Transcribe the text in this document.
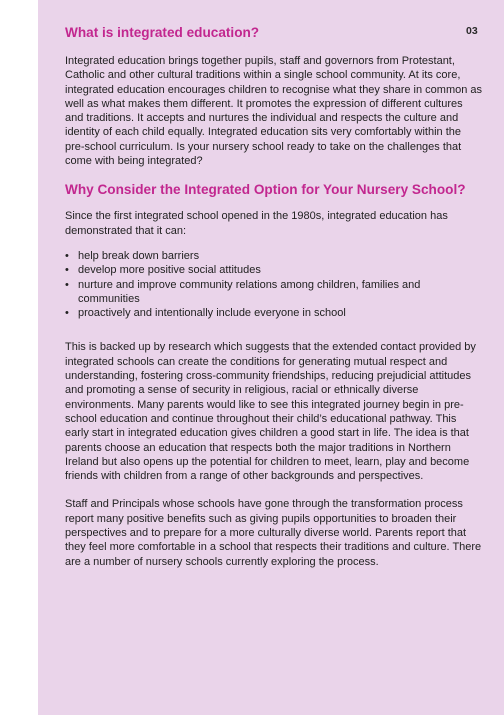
03
What is integrated education?

Integrated education brings together pupils, staff and governors from Protestant, Catholic and other cultural traditions within a single school community. At its core, integrated education encourages children to recognise what they share in common as well as what makes them different. It promotes the expression of different cultures and traditions. It accepts and nurtures the individual and respects the culture and identity of each child equally. Integrated education sits very comfortably within the pre-school curriculum. Is your nursery school ready to take on the challenges that come with being integrated?

Why Consider the Integrated Option for Your Nursery School?

Since the first integrated school opened in the 1980s, integrated education has demonstrated that it can:

• help break down barriers
• develop more positive social attitudes
• nurture and improve community relations among children, families and communities
• proactively and intentionally include everyone in school

This is backed up by research which suggests that the extended contact provided by integrated schools can create the conditions for generating mutual respect and understanding, fostering cross-community friendships, reducing prejudicial attitudes and promoting a sense of security in religious, racial or ethnically diverse environments. Many parents would like to see this integrated journey begin in pre-school education and continue throughout their child’s educational pathway. This early start in integrated education gives children a good start in life. The idea is that parents choose an education that respects both the major traditions in Northern Ireland but also opens up the potential for children to meet, learn, play and become friends with children from a range of other backgrounds and perspectives.

Staff and Principals whose schools have gone through the transformation process report many positive benefits such as giving pupils opportunities to broaden their perspectives and to prepare for a more culturally diverse world. Parents report that they feel more comfortable in a school that respects their traditions and culture. There are a number of nursery schools currently exploring the process.
